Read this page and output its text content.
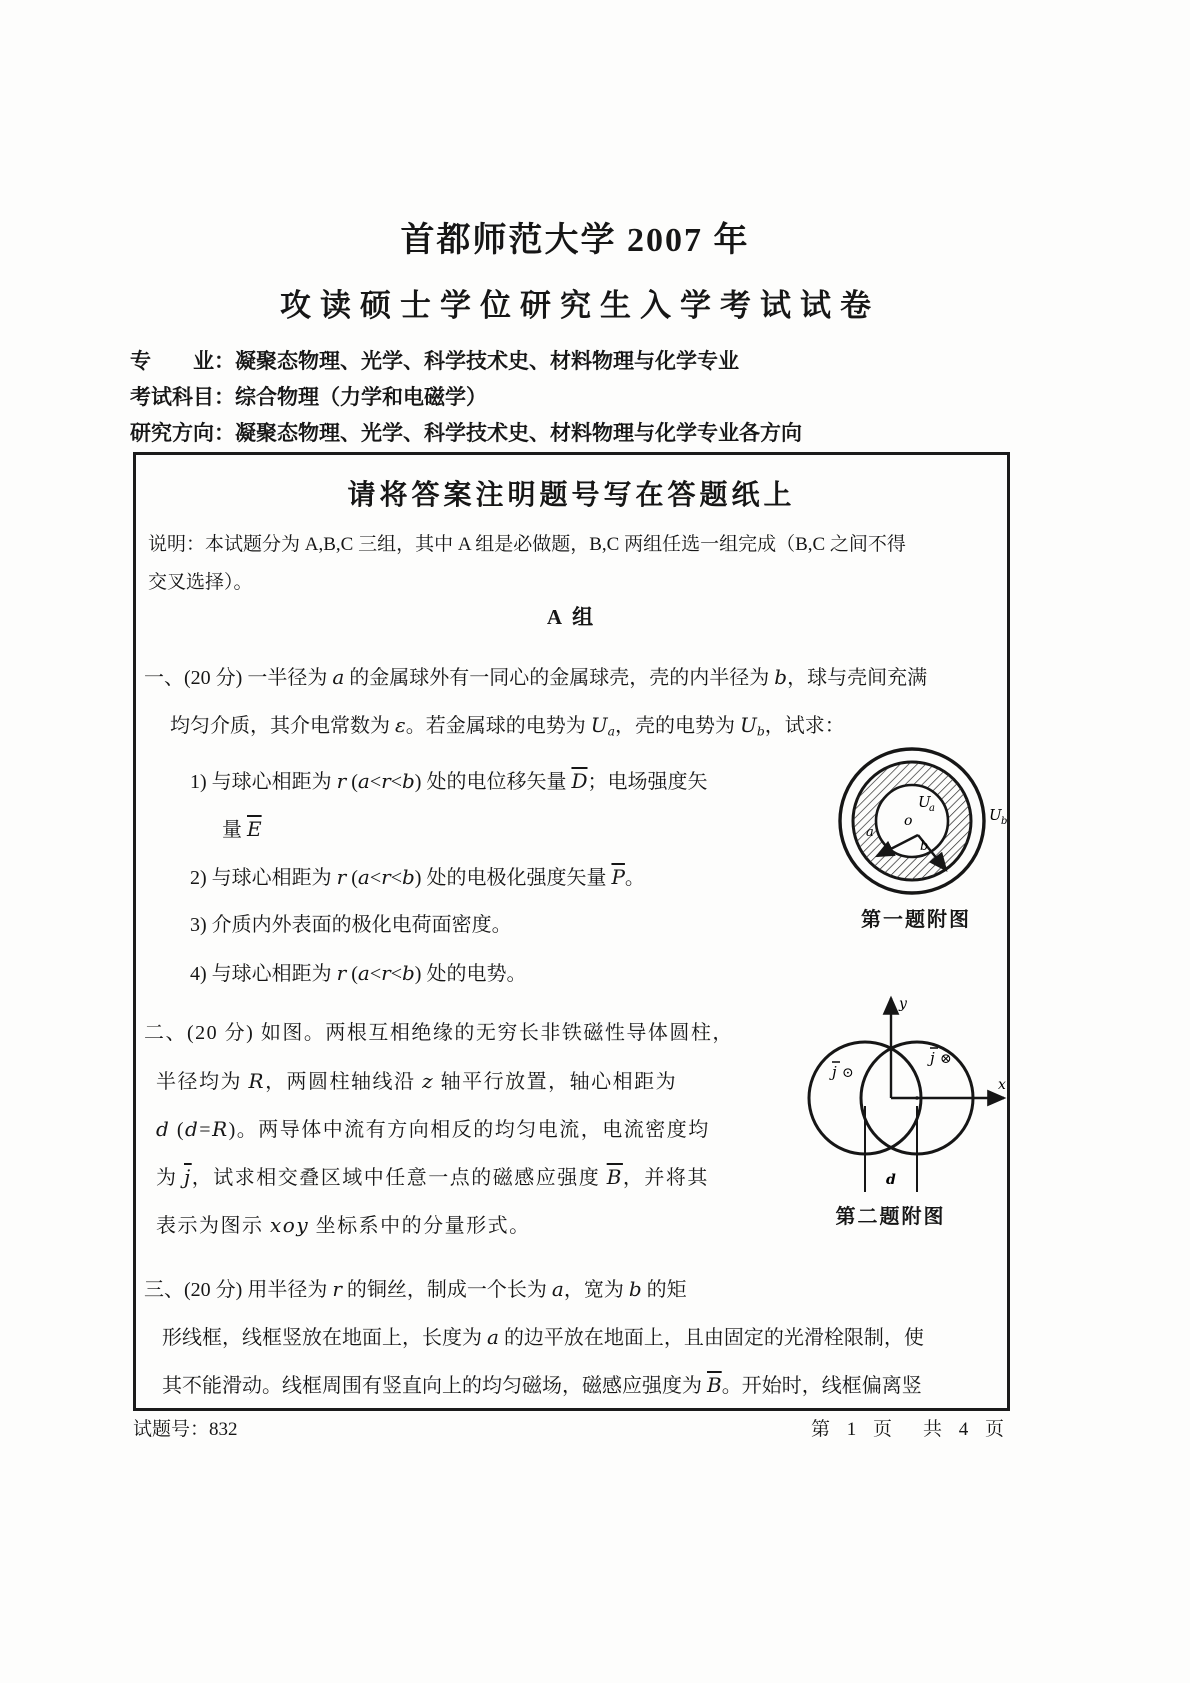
首都师范大学 2007 年
攻读硕士学位研究生入学考试试卷
专　　业：凝聚态物理、光学、科学技术史、材料物理与化学专业
考试科目：综合物理（力学和电磁学）
研究方向：凝聚态物理、光学、科学技术史、材料物理与化学专业各方向
请将答案注明题号写在答题纸上
说明：本试题分为 A,B,C 三组，其中 A 组是必做题，B,C 两组任选一组完成（B,C 之间不得
交叉选择）。
A 组
o
U
a
a
b
U b
第一题附图
j ⊙
j ⊗
y
x
d
第二题附图
一、(20 分) 一半径为 a 的金属球外有一同心的金属球壳，壳的内半径为 b，球与壳间充满
均匀介质，其介电常数为 ε。若金属球的电势为 Ua，壳的电势为 Ub，试求：
1) 与球心相距为 r (a<r<b) 处的电位移矢量 $\overline{D}$；电场强度矢
量 $\overline{E}$
2) 与球心相距为 r (a<r<b) 处的电极化强度矢量 $\overline{P}$。
3) 介质内外表面的极化电荷面密度。
4) 与球心相距为 r (a<r<b) 处的电势。
二、(20 分) 如图。两根互相绝缘的无穷长非铁磁性导体圆柱，
半径均为 R，两圆柱轴线沿 z 轴平行放置，轴心相距为
d (d=R)。两导体中流有方向相反的均匀电流，电流密度均
为 $\overline{j}$，试求相交叠区域中任意一点的磁感应强度 $\overline{B}$，并将其
表示为图示 xoy 坐标系中的分量形式。
三、(20 分) 用半径为 r 的铜丝，制成一个长为 a，宽为 b 的矩
形线框，线框竖放在地面上，长度为 a 的边平放在地面上，且由固定的光滑栓限制，使
其不能滑动。线框周围有竖直向上的均匀磁场，磁感应强度为 $\overline{B}$。开始时，线框偏离竖
试题号：832	第 1 页　共 4 页
